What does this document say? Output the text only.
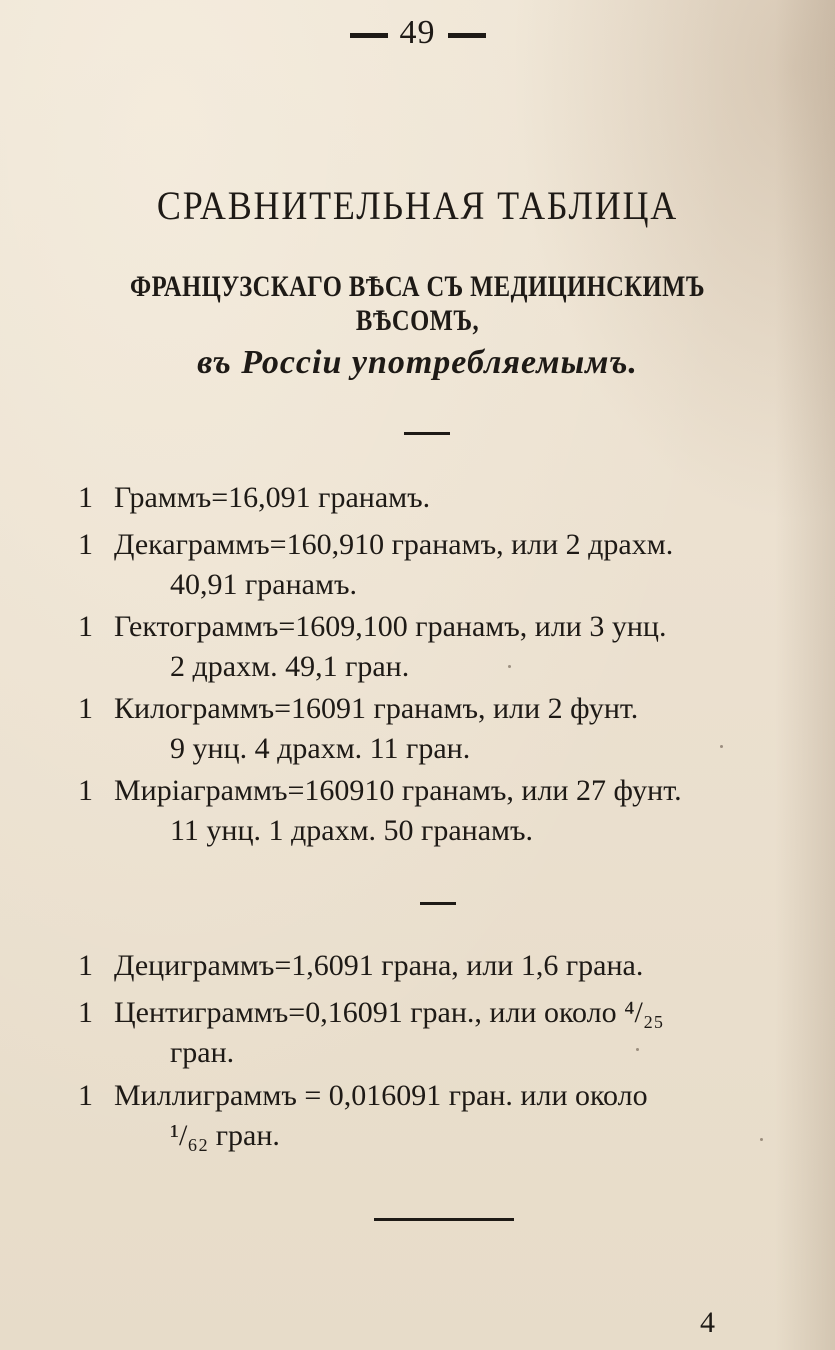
49
СРАВНИТЕЛЬНАЯ ТАБЛИЦА
ФРАНЦУЗСКАГО ВѢСА СЪ МЕДИЦИНСКИМЪ ВѢСОМЪ,
въ Россіи употребляемымъ.
1 Граммъ=16,091 гранамъ.
1 Декаграммъ=160,910 гранамъ, или 2 драхм.
40,91 гранамъ.
1 Гектограммъ=1609,100 гранамъ, или 3 унц.
2 драхм. 49,1 гран.
1 Килограммъ=16091 гранамъ, или 2 фунт.
9 унц. 4 драхм. 11 гран.
1 Миріаграммъ=160910 гранамъ, или 27 фунт.
11 унц. 1 драхм. 50 гранамъ.
1 Дециграммъ=1,6091 грана, или 1,6 грана.
1 Центиграммъ=0,16091 гран., или около ⁴/₂₅
гран.
1 Миллиграммъ = 0,016091 гран. или около
¹/₆₂ гран.
4
